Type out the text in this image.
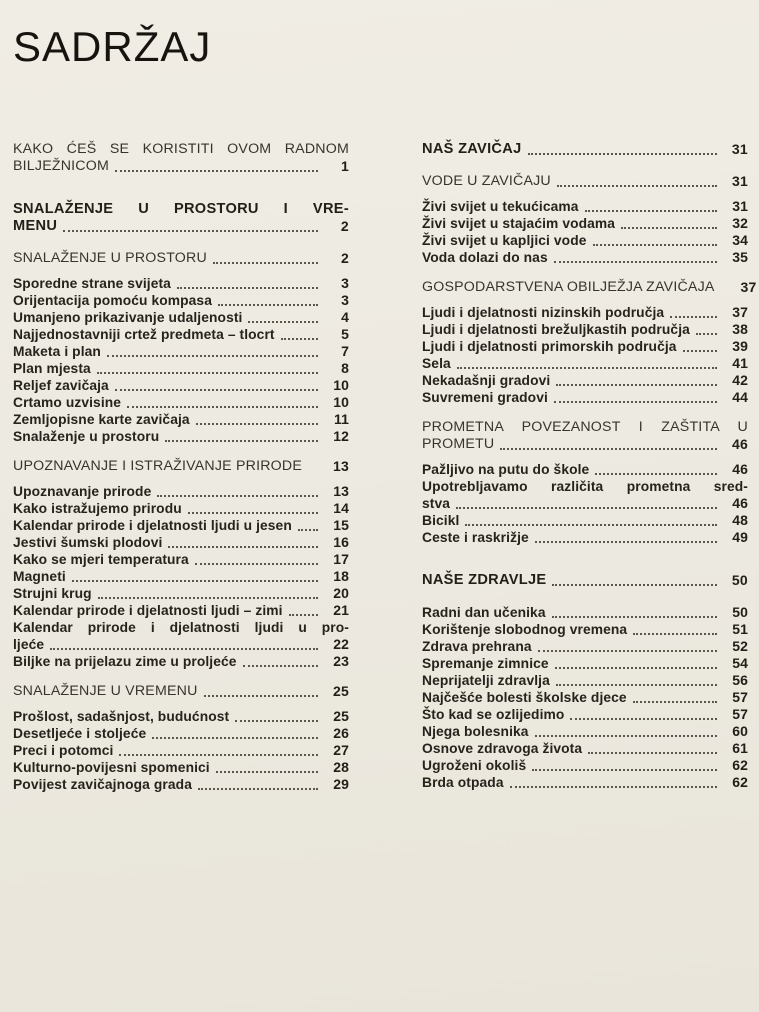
SADRŽAJ
KAKO ĆEŠ SE KORISTITI OVOM RADNOM
BILJEŽNICOM	1
SNALAŽENJE U PROSTORU I VRE-
MENU	2
SNALAŽENJE U PROSTORU	2
Sporedne strane svijeta	3
Orijentacija pomoću kompasa	3
Umanjeno prikazivanje udaljenosti	4
Najjednostavniji crtež predmeta – tlocrt	5
Maketa i plan	7
Plan mjesta	8
Reljef zavičaja	10
Crtamo uzvisine	10
Zemljopisne karte zavičaja	11
Snalaženje u prostoru	12
UPOZNAVANJE I ISTRAŽIVANJE PRIRODE	13
Upoznavanje prirode	13
Kako istražujemo prirodu	14
Kalendar prirode i djelatnosti ljudi u jesen	15
Jestivi šumski plodovi	16
Kako se mjeri temperatura	17
Magneti	18
Strujni krug	20
Kalendar prirode i djelatnosti ljudi – zimi	21
Kalendar prirode i djelatnosti ljudi u pro-
ljeće	22
Biljke na prijelazu zime u proljeće	23
SNALAŽENJE U VREMENU	25
Prošlost, sadašnjost, budućnost	25
Desetljeće i stoljeće	26
Preci i potomci	27
Kulturno-povijesni spomenici	28
Povijest zavičajnoga grada	29
NAŠ ZAVIČAJ	31
VODE U ZAVIČAJU	31
Živi svijet u tekućicama	31
Živi svijet u stajaćim vodama	32
Živi svijet u kapljici vode	34
Voda dolazi do nas	35
GOSPODARSTVENA OBILJEŽJA ZAVIČAJA	37
Ljudi i djelatnosti nizinskih područja	37
Ljudi i djelatnosti brežuljkastih područja	38
Ljudi i djelatnosti primorskih područja	39
Sela	41
Nekadašnji gradovi	42
Suvremeni gradovi	44
PROMETNA POVEZANOST I ZAŠTITA U
PROMETU	46
Pažljivo na putu do škole	46
Upotrebljavamo različita prometna sred-
stva	46
Bicikl	48
Ceste i raskrižje	49
NAŠE ZDRAVLJE	50
Radni dan učenika	50
Korištenje slobodnog vremena	51
Zdrava prehrana	52
Spremanje zimnice	54
Neprijatelji zdravlja	56
Najčešće bolesti školske djece	57
Što kad se ozlijedimo	57
Njega bolesnika	60
Osnove zdravoga života	61
Ugroženi okoliš	62
Brda otpada	62
